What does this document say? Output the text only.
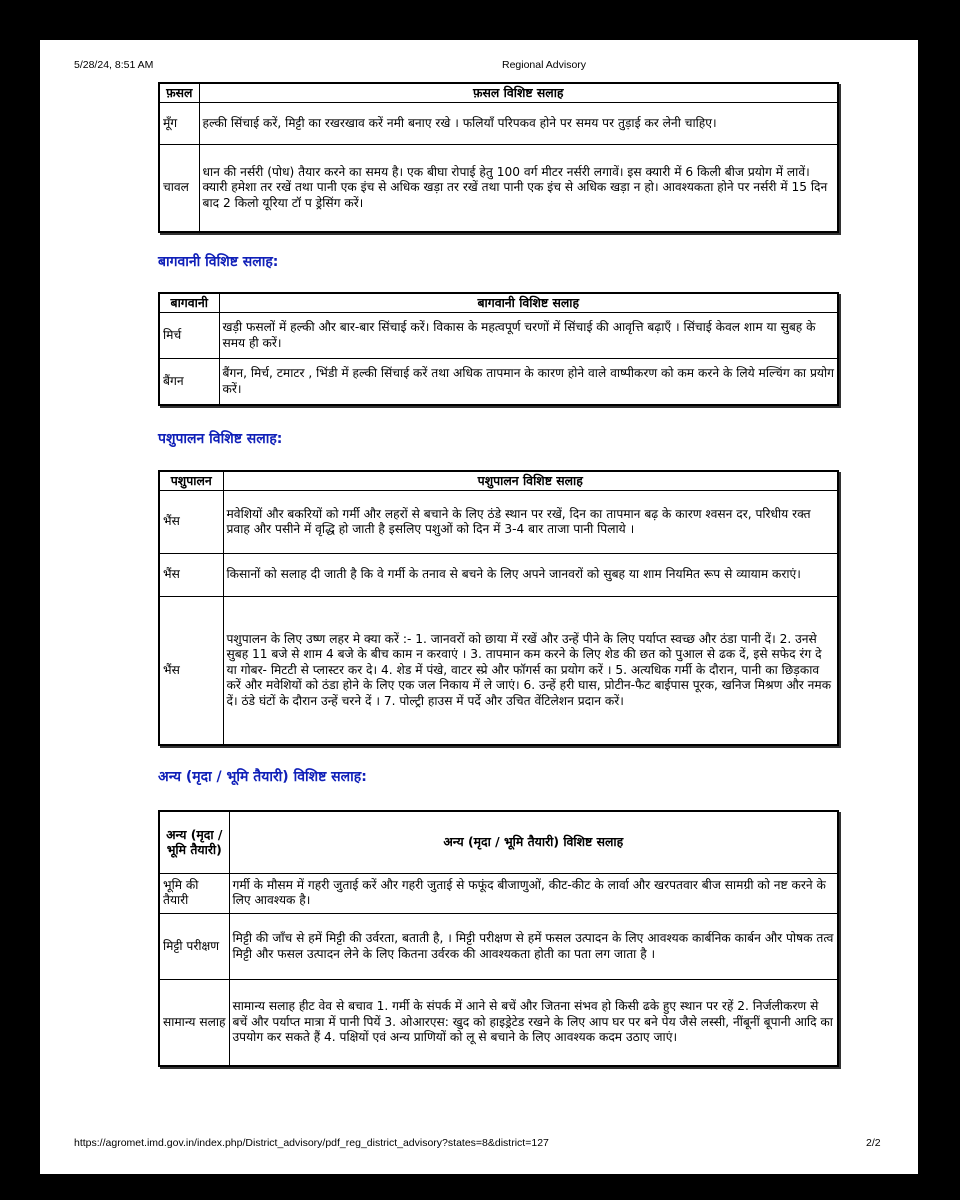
5/28/24, 8:51 AM	Regional Advisory
फ़सल	फ़सल विशिष्ट सलाह
मूँग	हल्की सिंचाई करें, मिट्टी का रखरखाव करें नमी बनाए रखे । फलियाँ परिपकव होने पर समय पर तुड़ाई कर लेनी चाहिए।
चावल	धान की नर्सरी (पोध) तैयार करने का समय है। एक बीघा रोपाई हेतु 100 वर्ग मीटर नर्सरी लगावें। इस क्यारी में 6 किली बीज प्रयोग में लावें। क्यारी हमेशा तर रखें तथा पानी एक इंच से अधिक खड़ा तर रखें तथा पानी एक इंच से अधिक खड़ा न हो। आवश्यकता होने पर नर्सरी में 15 दिन बाद 2 किलो यूरिया टॉ प ड्रेसिंग करें।
बागवानी विशिष्ट सलाह:
बागवानी	बागवानी विशिष्ट सलाह
मिर्च	खड़ी फसलों में हल्की और बार-बार सिंचाई करें। विकास के महत्वपूर्ण चरणों में सिंचाई की आवृत्ति बढ़ाएँ । सिंचाई केवल शाम या सुबह के समय ही करें।
बैंगन	बैंगन, मिर्च, टमाटर , भिंडी में हल्की सिंचाई करें तथा अधिक तापमान के कारण होने वाले वाष्पीकरण को कम करने के लिये मल्चिंग का प्रयोग करें।
पशुपालन विशिष्ट सलाह:
पशुपालन	पशुपालन विशिष्ट सलाह
भैंस	मवेशियों और बकरियों को गर्मी और लहरों से बचाने के लिए ठंडे स्थान पर रखें, दिन का तापमान बढ़ के कारण श्वसन दर, परिधीय रक्त प्रवाह और पसीने में वृद्धि हो जाती है इसलिए पशुओं को दिन में 3-4 बार ताजा पानी पिलाये ।
भैंस	किसानों को सलाह दी जाती है कि वे गर्मी के तनाव से बचने के लिए अपने जानवरों को सुबह या शाम नियमित रूप से व्यायाम कराएं।
भैंस	पशुपालन के लिए उष्ण लहर मे क्या करें :- 1. जानवरों को छाया में रखें और उन्हें पीने के लिए पर्याप्त स्वच्छ और ठंडा पानी दें। 2. उनसे सुबह 11 बजे से शाम 4 बजे के बीच काम न करवाएं । 3. तापमान कम करने के लिए शेड की छत को पुआल से ढक दें, इसे सफेद रंग दे या गोबर- मिटटी से प्लास्टर कर दे। 4. शेड में पंखे, वाटर स्प्रे और फॉगर्स का प्रयोग करें । 5. अत्यधिक गर्मी के दौरान, पानी का छिड़काव करें और मवेशियों को ठंडा होने के लिए एक जल निकाय में ले जाएं। 6. उन्हें हरी घास, प्रोटीन-फैट बाईपास पूरक, खनिज मिश्रण और नमक दें। ठंडे घंटों के दौरान उन्हें चरने दें । 7. पोल्ट्री हाउस में पर्दे और उचित वेंटिलेशन प्रदान करें।
अन्य (मृदा / भूमि तैयारी) विशिष्ट सलाह:
अन्य (मृदा / भूमि तैयारी)	अन्य (मृदा / भूमि तैयारी) विशिष्ट सलाह
भूमि की तैयारी	गर्मी के मौसम में गहरी जुताई करें और गहरी जुताई से फफूंद बीजाणुओं, कीट-कीट के लार्वा और खरपतवार बीज सामग्री को नष्ट करने के लिए आवश्यक है।
मिट्टी परीक्षण	मिट्टी की जाँच से हमें मिट्टी की उर्वरता, बताती है, । मिट्टी परीक्षण से हमें फसल उत्पादन के लिए आवश्यक कार्बनिक कार्बन और पोषक तत्व मिट्टी और फसल उत्पादन लेने के लिए कितना उर्वरक की आवश्यकता होती का पता लग जाता है ।
सामान्य सलाह	सामान्य सलाह हीट वेव से बचाव 1. गर्मी के संपर्क में आने से बचें और जितना संभव हो किसी ढके हुए स्थान पर रहें 2. निर्जलीकरण से बचें और पर्याप्त मात्रा में पानी पियें 3. ओआरएस: खुद को हाइड्रेटेड रखने के लिए आप घर पर बने पेय जैसे लस्सी, नींबूनीं बूपानी आदि का उपयोग कर सकते हैं 4. पक्षियों एवं अन्य प्राणियों को लू से बचाने के लिए आवश्यक कदम उठाए जाएं।
https://agromet.imd.gov.in/index.php/District_advisory/pdf_reg_district_advisory?states=8&district=127	2/2
